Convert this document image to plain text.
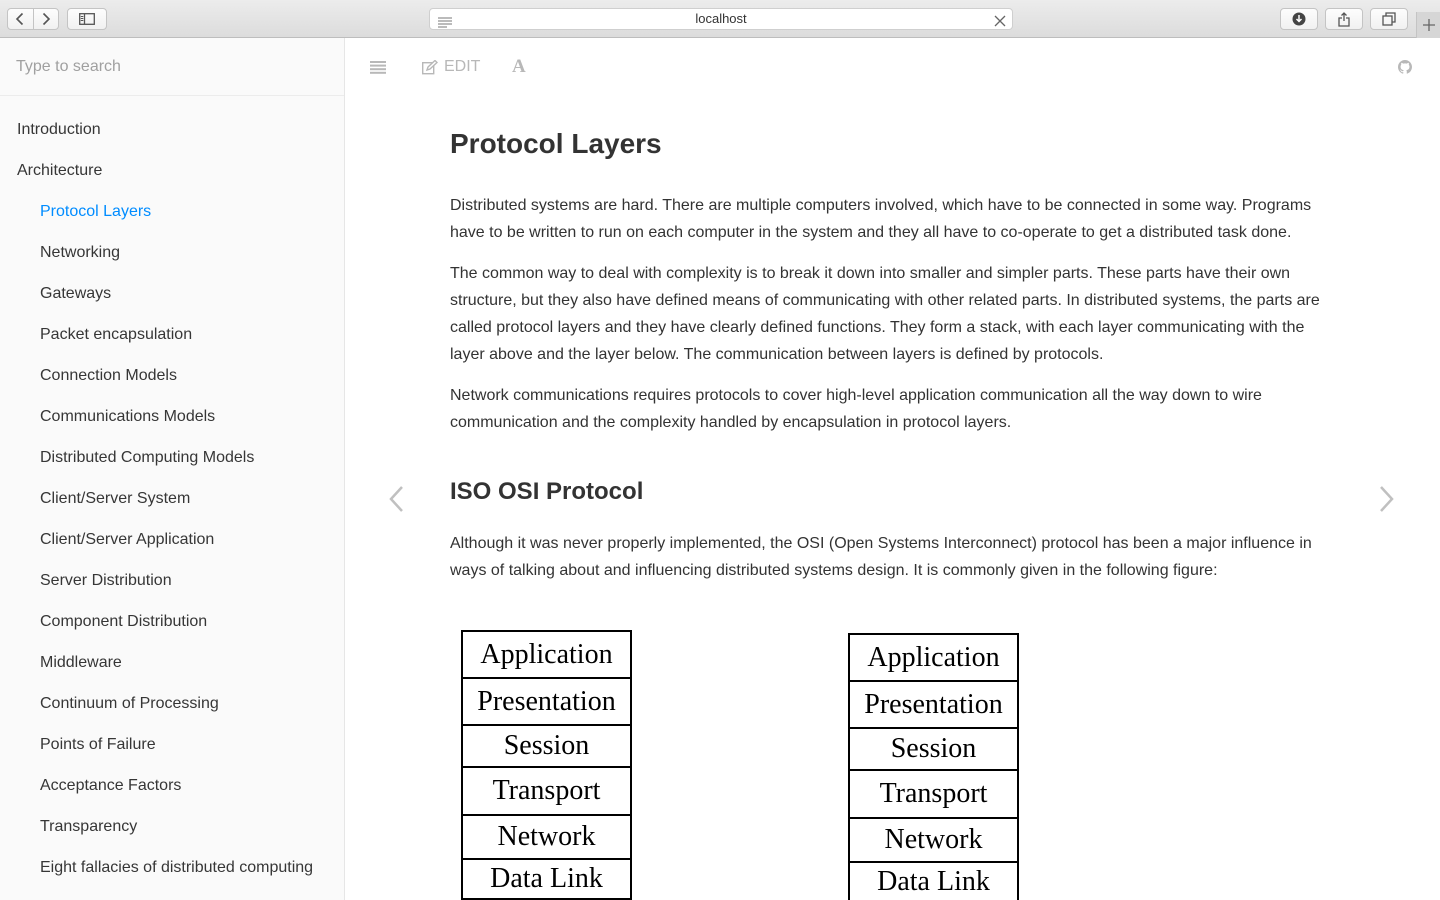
localhost
Type to search
Introduction
Architecture
Protocol Layers
Networking
Gateways
Packet encapsulation
Connection Models
Communications Models
Distributed Computing Models
Client/Server System
Client/Server Application
Server Distribution
Component Distribution
Middleware
Continuum of Processing
Points of Failure
Acceptance Factors
Transparency
Eight fallacies of distributed computing
EDIT A
Protocol Layers

Distributed systems are hard. There are multiple computers involved, which have to be connected in some way. Programs have to be written to run on each computer in the system and they all have to co-operate to get a distributed task done.

The common way to deal with complexity is to break it down into smaller and simpler parts. These parts have their own structure, but they also have defined means of communicating with other related parts. In distributed systems, the parts are called protocol layers and they have clearly defined functions. They form a stack, with each layer communicating with the layer above and the layer below. The communication between layers is defined by protocols.

Network communications requires protocols to cover high-level application communication all the way down to wire communication and the complexity handled by encapsulation in protocol layers.

ISO OSI Protocol

Although it was never properly implemented, the OSI (Open Systems Interconnect) protocol has been a major influence in ways of talking about and influencing distributed systems design. It is commonly given in the following figure:

Application
Presentation
Session
Transport
Network
Data Link
Application
Presentation
Session
Transport
Network
Data Link
